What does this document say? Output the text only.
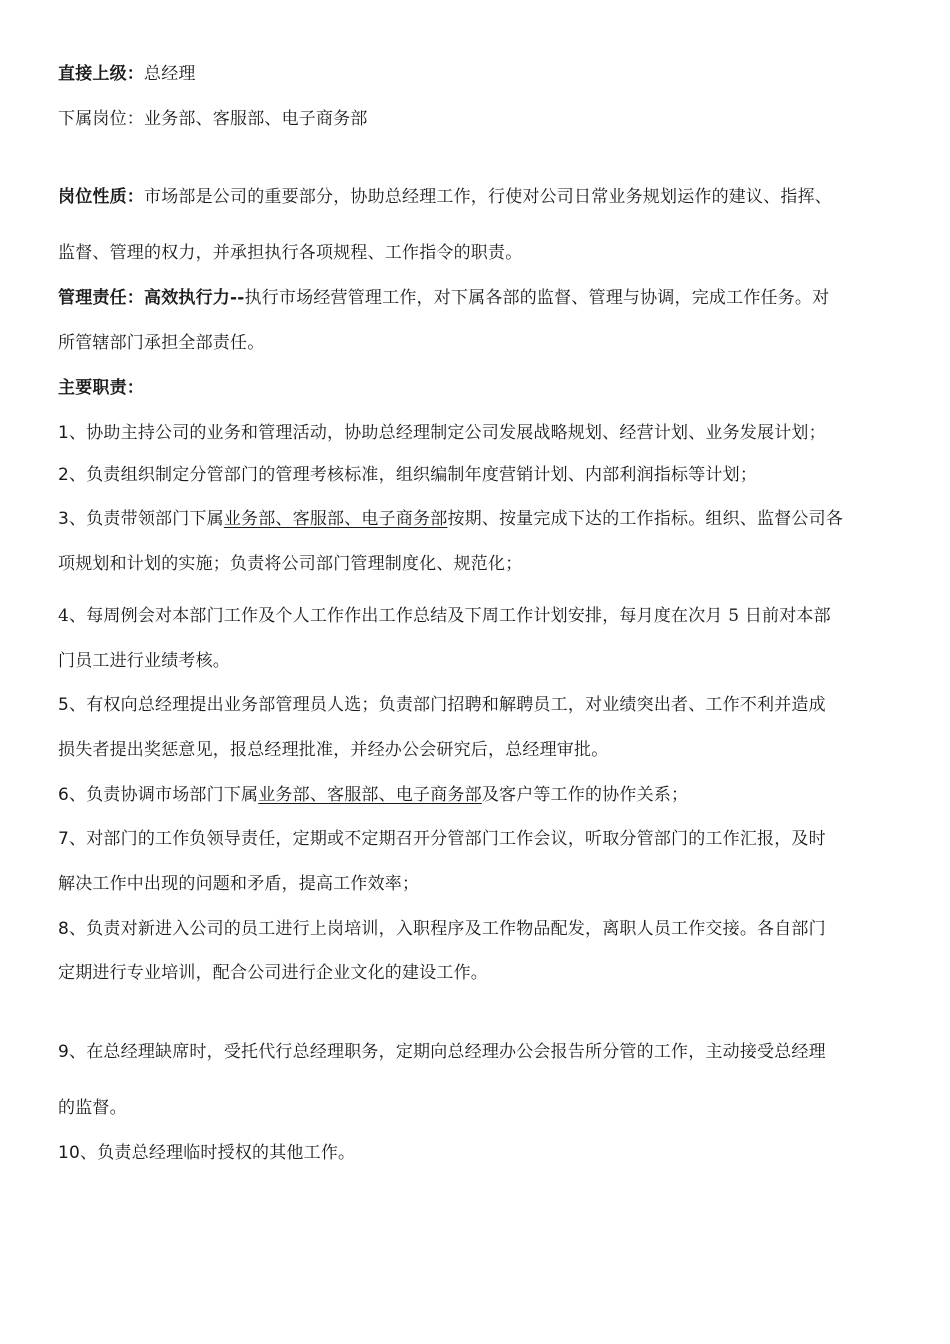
直接上级：总经理
下属岗位：业务部、客服部、电子商务部
岗位性质：市场部是公司的重要部分，协助总经理工作，行使对公司日常业务规划运作的建议、指挥、
监督、管理的权力，并承担执行各项规程、工作指令的职责。
管理责任：高效执行力--执行市场经营管理工作，对下属各部的监督、管理与协调，完成工作任务。对
所管辖部门承担全部责任。
主要职责：
1、协助主持公司的业务和管理活动，协助总经理制定公司发展战略规划、经营计划、业务发展计划；
2、负责组织制定分管部门的管理考核标准，组织编制年度营销计划、内部利润指标等计划；
3、负责带领部门下属业务部、客服部、电子商务部按期、按量完成下达的工作指标。组织、监督公司各
项规划和计划的实施；负责将公司部门管理制度化、规范化；
4、每周例会对本部门工作及个人工作作出工作总结及下周工作计划安排，每月度在次月 5 日前对本部
门员工进行业绩考核。
5、有权向总经理提出业务部管理员人选；负责部门招聘和解聘员工，对业绩突出者、工作不利并造成
损失者提出奖惩意见，报总经理批准，并经办公会研究后，总经理审批。
6、负责协调市场部门下属业务部、客服部、电子商务部及客户等工作的协作关系；
7、对部门的工作负领导责任，定期或不定期召开分管部门工作会议，听取分管部门的工作汇报，及时
解决工作中出现的问题和矛盾，提高工作效率；
8、负责对新进入公司的员工进行上岗培训，入职程序及工作物品配发，离职人员工作交接。各自部门
定期进行专业培训，配合公司进行企业文化的建设工作。
9、在总经理缺席时，受托代行总经理职务，定期向总经理办公会报告所分管的工作，主动接受总经理
的监督。
10、负责总经理临时授权的其他工作。
